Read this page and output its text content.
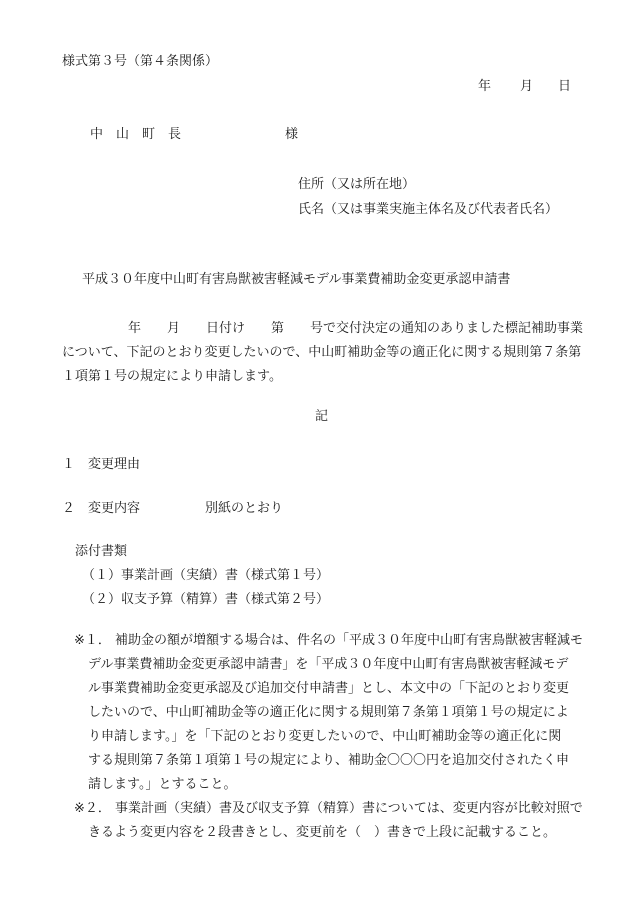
様式第３号（第４条関係）
年 月 日
中　山　町　長	様
住所（又は所在地）
氏名（又は事業実施主体名及び代表者氏名）
平成３０年度中山町有害鳥獣被害軽減モデル事業費補助金変更承認申請書
年　　月　　日付け　　第　　号で交付決定の通知のありました標記補助事業
について、下記のとおり変更したいので、中山町補助金等の適正化に関する規則第７条第
１項第１号の規定により申請します。
記
１ 変更理由
２ 変更内容	別紙のとおり
添付書類
（１）事業計画（実績）書（様式第１号）
（２）収支予算（精算）書（様式第２号）
※１． 補助金の額が増額する場合は、件名の「平成３０年度中山町有害鳥獣被害軽減モ
デル事業費補助金変更承認申請書」を「平成３０年度中山町有害鳥獣被害軽減モデ
ル事業費補助金変更承認及び追加交付申請書」とし、本文中の「下記のとおり変更
したいので、中山町補助金等の適正化に関する規則第７条第１項第１号の規定によ
り申請します。」を「下記のとおり変更したいので、中山町補助金等の適正化に関
する規則第７条第１項第１号の規定により、補助金〇〇〇円を追加交付されたく申
請します。」とすること。
※２． 事業計画（実績）書及び収支予算（精算）書については、変更内容が比較対照で
きるよう変更内容を２段書きとし、変更前を（　）書きで上段に記載すること。
